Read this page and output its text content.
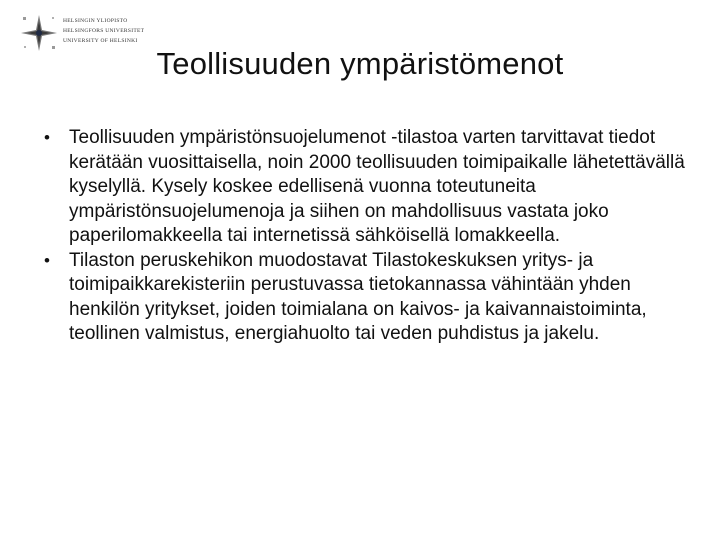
HELSINGIN YLIOPISTO
HELSINGFORS UNIVERSITET
UNIVERSITY OF HELSINKI
Teollisuuden ympäristömenot
• Teollisuuden ympäristönsuojelumenot -tilastoa varten tarvittavat tiedot kerätään vuosittaisella, noin 2000 teollisuuden toimipaikalle lähetettävällä kyselyllä. Kysely koskee edellisenä vuonna toteutuneita ympäristönsuojelumenoja ja siihen on mahdollisuus vastata joko paperilomakkeella tai internetissä sähköisellä lomakkeella.
• Tilaston peruskehikon muodostavat Tilastokeskuksen yritys- ja toimipaikkarekisteriin perustuvassa tietokannassa vähintään yhden henkilön yritykset, joiden toimialana on kaivos- ja kaivannaistoiminta, teollinen valmistus, energiahuolto tai veden puhdistus ja jakelu.
